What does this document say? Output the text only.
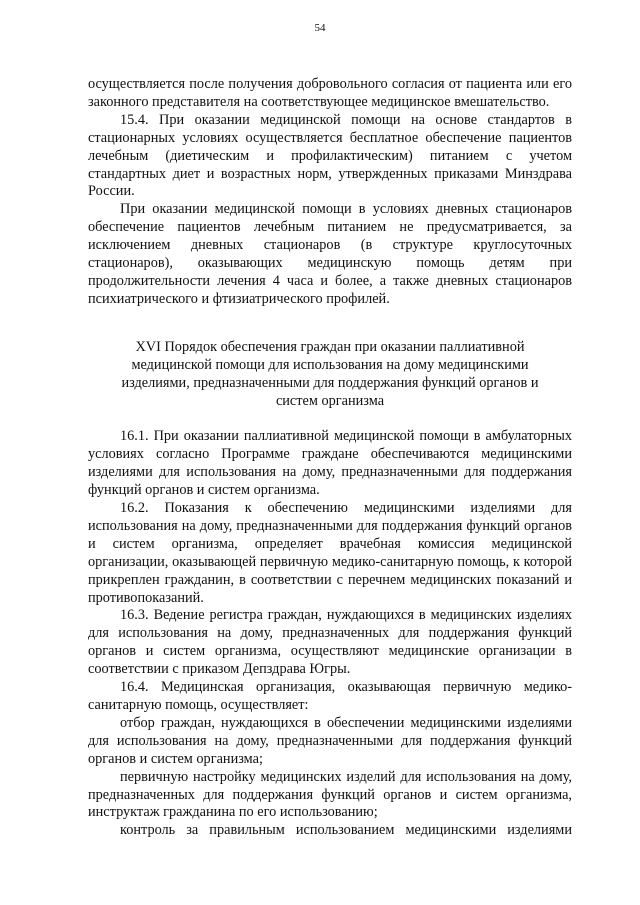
54

осуществляется после получения добровольного согласия от пациента или его законного представителя на соответствующее медицинское вмешательство.

15.4. При оказании медицинской помощи на основе стандартов в стационарных условиях осуществляется бесплатное обеспечение пациентов лечебным (диетическим и профилактическим) питанием с учетом стандартных диет и возрастных норм, утвержденных приказами Минздрава России.

При оказании медицинской помощи в условиях дневных стационаров обеспечение пациентов лечебным питанием не предусматривается, за исключением дневных стационаров (в структуре круглосуточных стационаров), оказывающих медицинскую помощь детям при продолжительности лечения 4 часа и более, а также дневных стационаров психиатрического и фтизиатрического профилей.

XVI Порядок обеспечения граждан при оказании паллиативной медицинской помощи для использования на дому медицинскими изделиями, предназначенными для поддержания функций органов и систем организма

16.1. При оказании паллиативной медицинской помощи в амбулаторных условиях согласно Программе граждане обеспечиваются медицинскими изделиями для использования на дому, предназначенными для поддержания функций органов и систем организма.

16.2. Показания к обеспечению медицинскими изделиями для использования на дому, предназначенными для поддержания функций органов и систем организма, определяет врачебная комиссия медицинской организации, оказывающей первичную медико-санитарную помощь, к которой прикреплен гражданин, в соответствии с перечнем медицинских показаний и противопоказаний.

16.3. Ведение регистра граждан, нуждающихся в медицинских изделиях для использования на дому, предназначенных для поддержания функций органов и систем организма, осуществляют медицинские организации в соответствии с приказом Депздрава Югры.

16.4. Медицинская организация, оказывающая первичную медико-санитарную помощь, осуществляет:

отбор граждан, нуждающихся в обеспечении медицинскими изделиями для использования на дому, предназначенными для поддержания функций органов и систем организма;

первичную настройку медицинских изделий для использования на дому, предназначенных для поддержания функций органов и систем организма, инструктаж гражданина по его использованию;

контроль за правильным использованием медицинскими изделиями
